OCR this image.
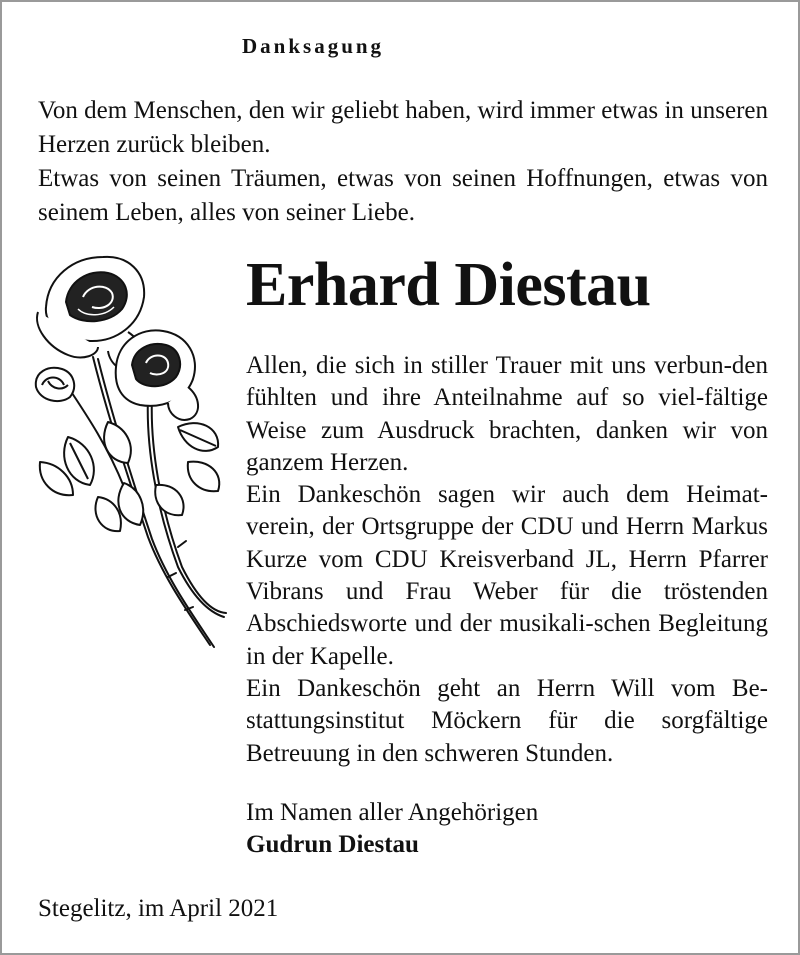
Danksagung

Von dem Menschen, den wir geliebt haben, wird immer etwas in unseren Herzen zurück bleiben.

Etwas von seinen Träumen, etwas von seinen Hoffnungen, etwas von seinem Leben, alles von seiner Liebe.

Erhard Diestau

Allen, die sich in stiller Trauer mit uns verbun-den fühlten und ihre Anteilnahme auf so viel-fältige Weise zum Ausdruck brachten, danken wir von ganzem Herzen.

Ein Dankeschön sagen wir auch dem Heimat-verein, der Ortsgruppe der CDU und Herrn Markus Kurze vom CDU Kreisverband JL, Herrn Pfarrer Vibrans und Frau Weber für die tröstenden Abschiedsworte und der musikali-schen Begleitung in der Kapelle.

Ein Dankeschön geht an Herrn Will vom Be-stattungsinstitut Möckern für die sorgfältige Betreuung in den schweren Stunden.

Im Namen aller Angehörigen
Gudrun Diestau
Stegelitz, im April 2021
